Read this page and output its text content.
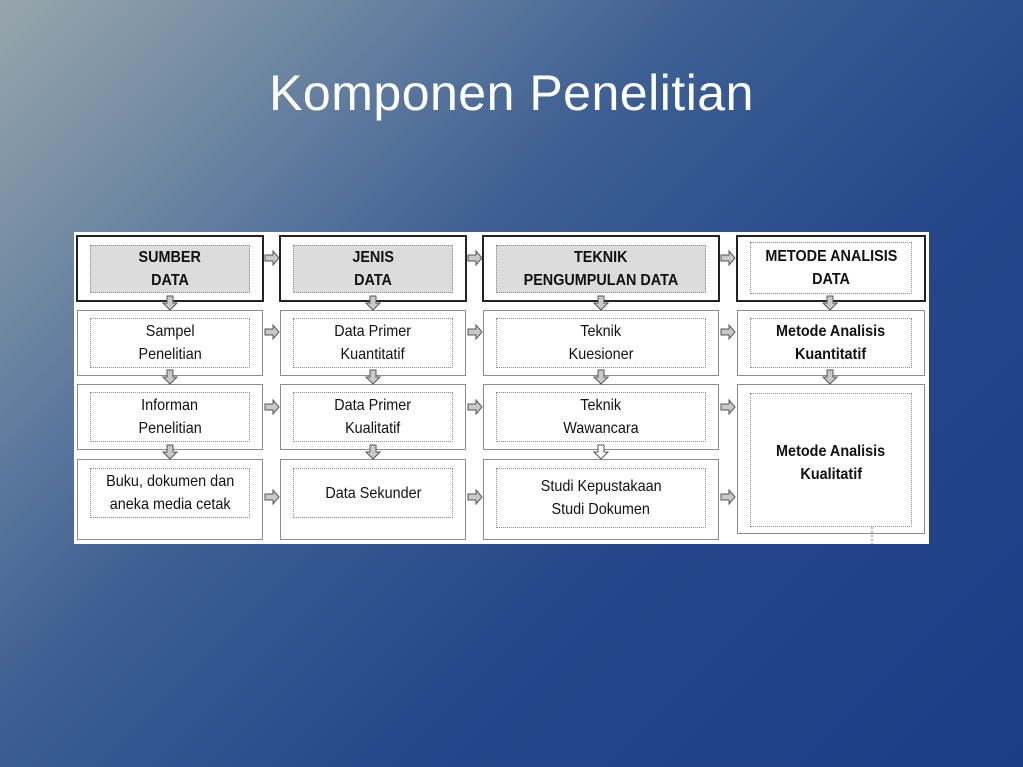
Komponen Penelitian
SUMBER
DATA
Sampel
Penelitian
Informan
Penelitian
Buku, dokumen dan
aneka media cetak
JENIS
DATA
Data Primer
Kuantitatif
Data Primer
Kualitatif
Data Sekunder
TEKNIK
PENGUMPULAN DATA
Teknik
Kuesioner
Teknik
Wawancara
Studi Kepustakaan
Studi Dokumen
METODE ANALISIS
DATA
Metode Analisis
Kuantitatif
Metode Analisis
Kualitatif
